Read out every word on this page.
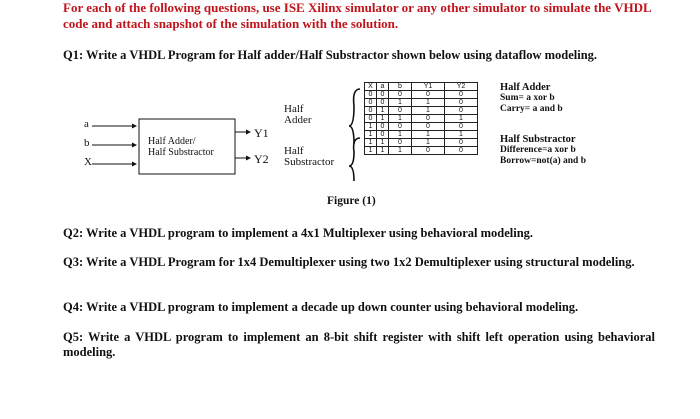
For each of the following questions, use ISE Xilinx simulator or any other simulator to simulate the VHDL code and attach snapshot of the simulation with the solution.
Q1: Write a VHDL Program for Half adder/Half Substractor shown below using dataflow modeling.
a
b
X
Half Adder/
Half Substractor
Y1
Y2
Half
Adder
Half
Substractor
X	a	b	Y1	Y2
0	0	0	0	0
0	0	1	1	0
0	1	0	1	0
0	1	1	0	1
1	0	0	0	0
1	0	1	1	1
1	1	0	1	0
1	1	1	0	0
Half Adder
Sum= a xor b
Carry= a and b
Half Substractor
Difference=a xor b
Borrow=not(a) and b
Figure (1)
Q2: Write a VHDL program to implement a 4x1 Multiplexer using behavioral modeling.
Q3: Write a VHDL Program for 1x4 Demultiplexer using two 1x2 Demultiplexer using structural modeling.
Q4: Write a VHDL program to implement a decade up down counter using behavioral modeling.
Q5: Write a VHDL program to implement an 8-bit shift register with shift left operation using behavioral modeling.
